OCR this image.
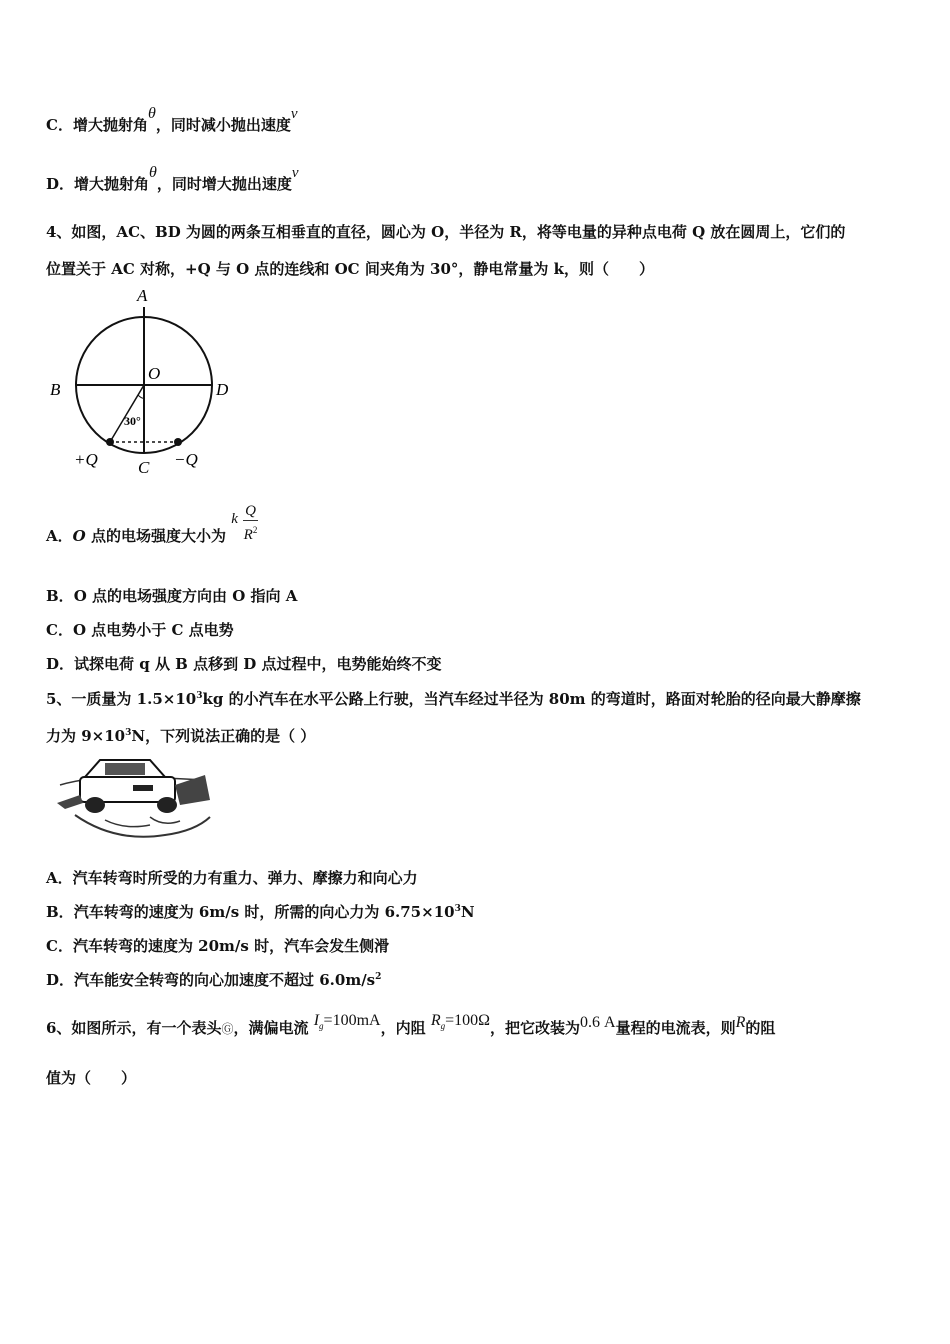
C．增大抛射角θ，同时减小抛出速度v
D．增大抛射角θ，同时增大抛出速度v
4、如图，AC、BD 为圆的两条互相垂直的直径，圆心为 O，半径为 R，将等电量的异种点电荷 Q 放在圆周上，它们的
位置关于 AC 对称，+Q 与 O 点的连线和 OC 间夹角为 30°，静电常量为 k，则（　　）
A
B	D
O
C
30°
+Q	−Q
A．O 点的电场强度大小为 k $\frac{Q}{R^2}$
B．O 点的电场强度方向由 O 指向 A
C．O 点电势小于 C 点电势
D．试探电荷 q 从 B 点移到 D 点过程中，电势能始终不变
5、一质量为 $1.5\times 10^3kg$ 的小汽车在水平公路上行驶，当汽车经过半径为 80m 的弯道时，路面对轮胎的径向最大静摩擦
力为 $9\times 10^3N$，下列说法正确的是（ ）
A．汽车转弯时所受的力有重力、弹力、摩擦力和向心力
B．汽车转弯的速度为 6m/s 时，所需的向心力为 $6.75\times 10^3N$
C．汽车转弯的速度为 20m/s 时，汽车会发生侧滑
D．汽车能安全转弯的向心加速度不超过 $6.0m/s^2$
6、如图所示，有一个表头Ⓖ，满偏电流 $I_g=100mA$，内阻 $R_g=100\Omega$，把它改装为0.6 A量程的电流表，则R的阻
值为（　　）
